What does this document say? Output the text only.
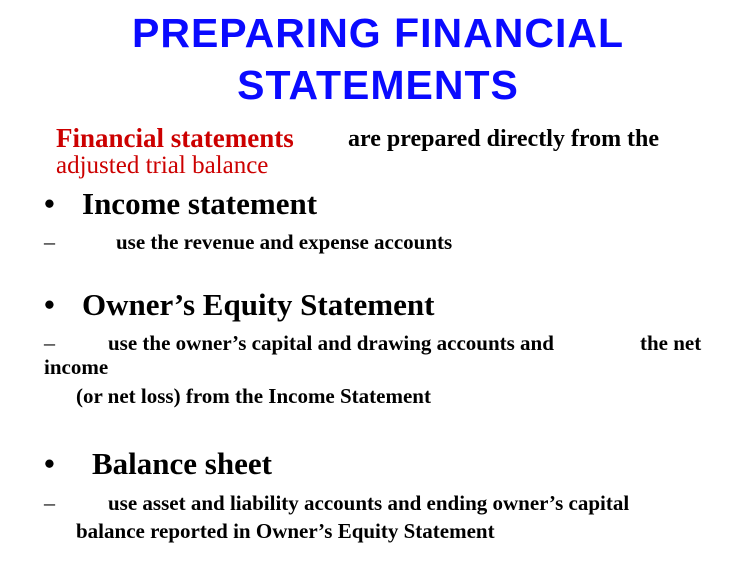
PREPARING FINANCIAL
STATEMENTS
Financial statements are prepared directly from the
adjusted trial balance
• Income statement
–	use the revenue and expense accounts
• Owner’s Equity Statement
–	use the owner’s capital and drawing accounts and	the net
income
(or net loss) from the Income Statement
• Balance sheet
–	use asset and liability accounts and ending owner’s capital
balance reported in Owner’s Equity Statement
